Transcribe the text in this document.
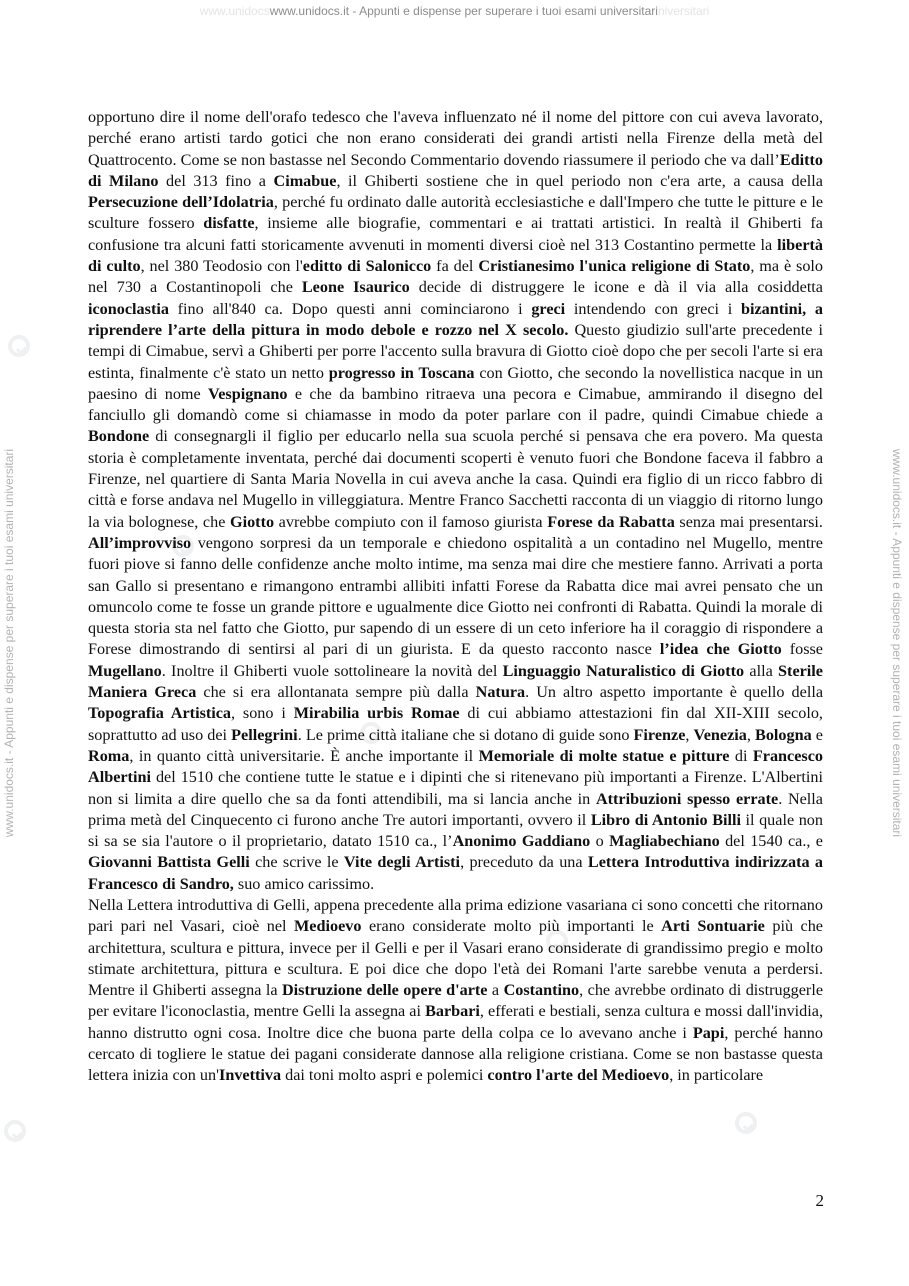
www.unidocswww.unidocs.it - Appunti e dispense per superare i tuoi esami universitariniversitari
www.unidocs.it - Appunti e dispense per superare i tuoi esami universitari	www.unidocs.it - Appunti e dispense per superare i tuoi esami universitari

opportuno dire il nome dell'orafo tedesco che l'aveva influenzato né il nome del pittore con cui aveva lavorato, perché erano artisti tardo gotici che non erano considerati dei grandi artisti nella Firenze della metà del Quattrocento. Come se non bastasse nel Secondo Commentario dovendo riassumere il periodo che va dall’Editto di Milano del 313 fino a Cimabue, il Ghiberti sostiene che in quel periodo non c'era arte, a causa della Persecuzione dell’Idolatria, perché fu ordinato dalle autorità ecclesiastiche e dall'Impero che tutte le pitture e le sculture fossero disfatte, insieme alle biografie, commentari e ai trattati artistici. In realtà il Ghiberti fa confusione tra alcuni fatti storicamente avvenuti in momenti diversi cioè nel 313 Costantino permette la libertà di culto, nel 380 Teodosio con l'editto di Salonicco fa del Cristianesimo l'unica religione di Stato, ma è solo nel 730 a Costantinopoli che Leone Isaurico decide di distruggere le icone e dà il via alla cosiddetta iconoclastia fino all'840 ca. Dopo questi anni cominciarono i greci intendendo con greci i bizantini, a riprendere l’arte della pittura in modo debole e rozzo nel X secolo. Questo giudizio sull'arte precedente i tempi di Cimabue, servì a Ghiberti per porre l'accento sulla bravura di Giotto cioè dopo che per secoli l'arte si era estinta, finalmente c'è stato un netto progresso in Toscana con Giotto, che secondo la novellistica nacque in un paesino di nome Vespignano e che da bambino ritraeva una pecora e Cimabue, ammirando il disegno del fanciullo gli domandò come si chiamasse in modo da poter parlare con il padre, quindi Cimabue chiede a Bondone di consegnargli il figlio per educarlo nella sua scuola perché si pensava che era povero. Ma questa storia è completamente inventata, perché dai documenti scoperti è venuto fuori che Bondone faceva il fabbro a Firenze, nel quartiere di Santa Maria Novella in cui aveva anche la casa. Quindi era figlio di un ricco fabbro di città e forse andava nel Mugello in villeggiatura. Mentre Franco Sacchetti racconta di un viaggio di ritorno lungo la via bolognese, che Giotto avrebbe compiuto con il famoso giurista Forese da Rabatta senza mai presentarsi. All’improvviso vengono sorpresi da un temporale e chiedono ospitalità a un contadino nel Mugello, mentre fuori piove si fanno delle confidenze anche molto intime, ma senza mai dire che mestiere fanno. Arrivati a porta san Gallo si presentano e rimangono entrambi allibiti infatti Forese da Rabatta dice mai avrei pensato che un omuncolo come te fosse un grande pittore e ugualmente dice Giotto nei confronti di Rabatta. Quindi la morale di questa storia sta nel fatto che Giotto, pur sapendo di un essere di un ceto inferiore ha il coraggio di rispondere a Forese dimostrando di sentirsi al pari di un giurista. E da questo racconto nasce l’idea che Giotto fosse Mugellano. Inoltre il Ghiberti vuole sottolineare la novità del Linguaggio Naturalistico di Giotto alla Sterile Maniera Greca che si era allontanata sempre più dalla Natura. Un altro aspetto importante è quello della Topografia Artistica, sono i Mirabilia urbis Romae di cui abbiamo attestazioni fin dal XII-XIII secolo, soprattutto ad uso dei Pellegrini. Le prime città italiane che si dotano di guide sono Firenze, Venezia, Bologna e Roma, in quanto città universitarie. È anche importante il Memoriale di molte statue e pitture di Francesco Albertini del 1510 che contiene tutte le statue e i dipinti che si ritenevano più importanti a Firenze. L'Albertini non si limita a dire quello che sa da fonti attendibili, ma si lancia anche in Attribuzioni spesso errate. Nella prima metà del Cinquecento ci furono anche Tre autori importanti, ovvero il Libro di Antonio Billi il quale non si sa se sia l'autore o il proprietario, datato 1510 ca., l’Anonimo Gaddiano o Magliabechiano del 1540 ca., e Giovanni Battista Gelli che scrive le Vite degli Artisti, preceduto da una Lettera Introduttiva indirizzata a Francesco di Sandro, suo amico carissimo.

Nella Lettera introduttiva di Gelli, appena precedente alla prima edizione vasariana ci sono concetti che ritornano pari pari nel Vasari, cioè nel Medioevo erano considerate molto più importanti le Arti Sontuarie più che architettura, scultura e pittura, invece per il Gelli e per il Vasari erano considerate di grandissimo pregio e molto stimate architettura, pittura e scultura. E poi dice che dopo l'età dei Romani l'arte sarebbe venuta a perdersi. Mentre il Ghiberti assegna la Distruzione delle opere d'arte a Costantino, che avrebbe ordinato di distruggerle per evitare l'iconoclastia, mentre Gelli la assegna ai Barbari, efferati e bestiali, senza cultura e mossi dall'invidia, hanno distrutto ogni cosa. Inoltre dice che buona parte della colpa ce lo avevano anche i Papi, perché hanno cercato di togliere le statue dei pagani considerate dannose alla religione cristiana. Come se non bastasse questa lettera inizia con un'Invettiva dai toni molto aspri e polemici contro l'arte del Medioevo, in particolare

2
